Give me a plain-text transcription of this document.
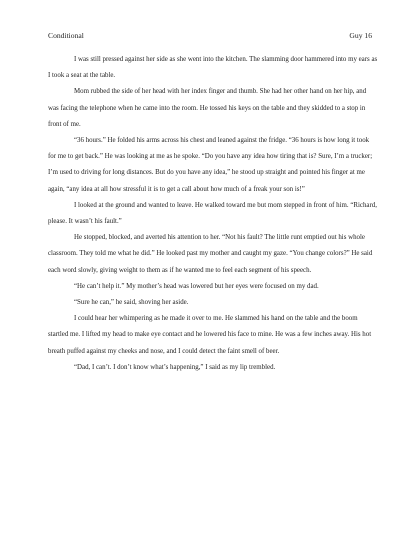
Conditional	Guy 16

I was still pressed against her side as she went into the kitchen. The slamming door hammered into my ears as I took a seat at the table.

Mom rubbed the side of her head with her index finger and thumb. She had her other hand on her hip, and was facing the telephone when he came into the room. He tossed his keys on the table and they skidded to a stop in front of me.

“36 hours.” He folded his arms across his chest and leaned against the fridge. “36 hours is how long it took for me to get back.” He was looking at me as he spoke. “Do you have any idea how tiring that is? Sure, I’m a trucker; I’m used to driving for long distances. But do you have any idea,” he stood up straight and pointed his finger at me again, “any idea at all how stressful it is to get a call about how much of a freak your son is!”

I looked at the ground and wanted to leave. He walked toward me but mom stepped in front of him. “Richard, please. It wasn’t his fault.”

He stopped, blocked, and averted his attention to her. “Not his fault? The little runt emptied out his whole classroom. They told me what he did.” He looked past my mother and caught my gaze. “You change colors?” He said each word slowly, giving weight to them as if he wanted me to feel each segment of his speech.

“He can’t help it.” My mother’s head was lowered but her eyes were focused on my dad.

“Sure he can,” he said, shoving her aside.

I could hear her whimpering as he made it over to me. He slammed his hand on the table and the boom startled me. I lifted my head to make eye contact and he lowered his face to mine. He was a few inches away. His hot breath puffed against my cheeks and nose, and I could detect the faint smell of beer.

“Dad, I can’t. I don’t know what’s happening,” I said as my lip trembled.
